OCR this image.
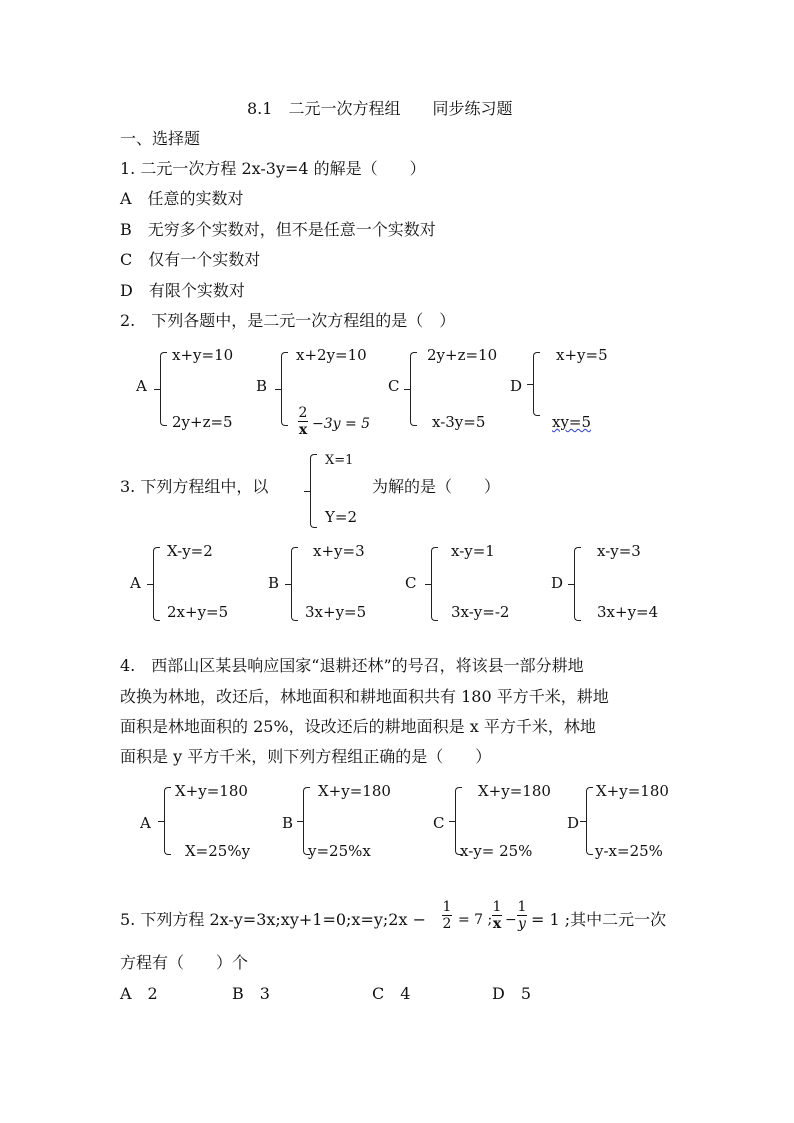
8.1　二元一次方程组　　同步练习题
一、选择题
1. 二元一次方程 2x-3y=4 的解是（　　）
A　任意的实数对
B　无穷多个实数对，但不是任意一个实数对
C　仅有一个实数对
D　有限个实数对
2.　下列各题中，是二元一次方程组的是（　）
A
x+y=10
2y+z=5
B
x+2y=10
2
x −3y = 5
C
2y+z=10
x-3y=5
D
x+y=5
xy=5
3. 下列方程组中，以
X=1
Y=2
为解的是（　　）
A
X-y=2
2x+y=5
B
x+y=3
3x+y=5
C
x-y=1
3x-y=-2
D
x-y=3
3x+y=4
4.　西部山区某县响应国家“退耕还林”的号召，将该县一部分耕地
改换为林地，改还后，林地面积和耕地面积共有 180 平方千米，耕地
面积是林地面积的 25%，设改还后的耕地面积是 x 平方千米，林地
面积是 y 平方千米，则下列方程组正确的是（　　）
A
X+y=180
X=25%y
B
X+y=180
y=25%x
C
X+y=180
x-y= 25%
D
X+y=180
y-x=25%
5. 下列方程 2x-y=3x;xy+1=0;x=y;2x −
1
2 = 7 ;
1
x −
1
y = 1 ;其中二元一次
方程有（　　）个
A　2	B　3	C　4	D　5
